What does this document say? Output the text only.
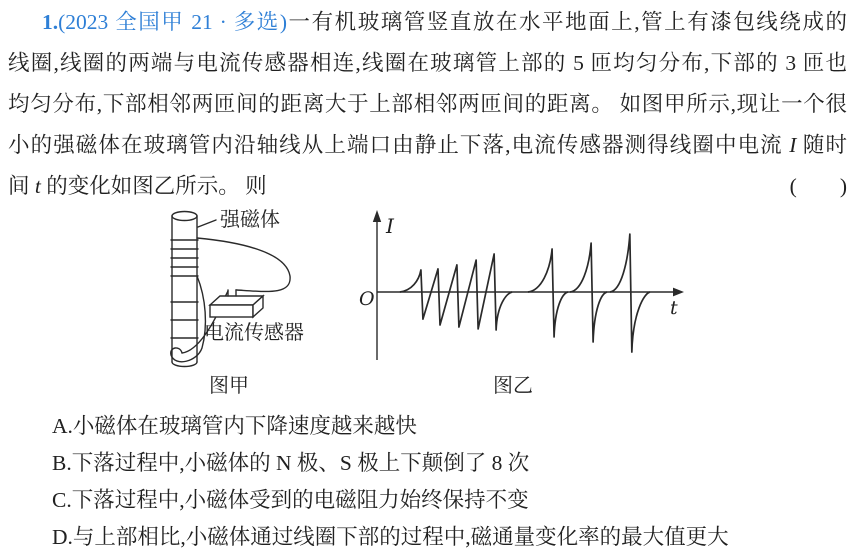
1.(2023 全国甲 21 · 多选)一有机玻璃管竖直放在水平地面上,管上有漆包线绕成的
线圈,线圈的两端与电流传感器相连,线圈在玻璃管上部的 5 匝均匀分布,下部的 3 匝也
均匀分布,下部相邻两匝间的距离大于上部相邻两匝间的距离。 如图甲所示,现让一个很
小的强磁体在玻璃管内沿轴线从上端口由静止下落,电流传感器测得线圈中电流 I 随时
间 t 的变化如图乙所示。 则	(　　)
强磁体
电流传感器
图甲
I
O	t
图乙
A.小磁体在玻璃管内下降速度越来越快
B.下落过程中,小磁体的 N 极、S 极上下颠倒了 8 次
C.下落过程中,小磁体受到的电磁阻力始终保持不变
D.与上部相比,小磁体通过线圈下部的过程中,磁通量变化率的最大值更大
